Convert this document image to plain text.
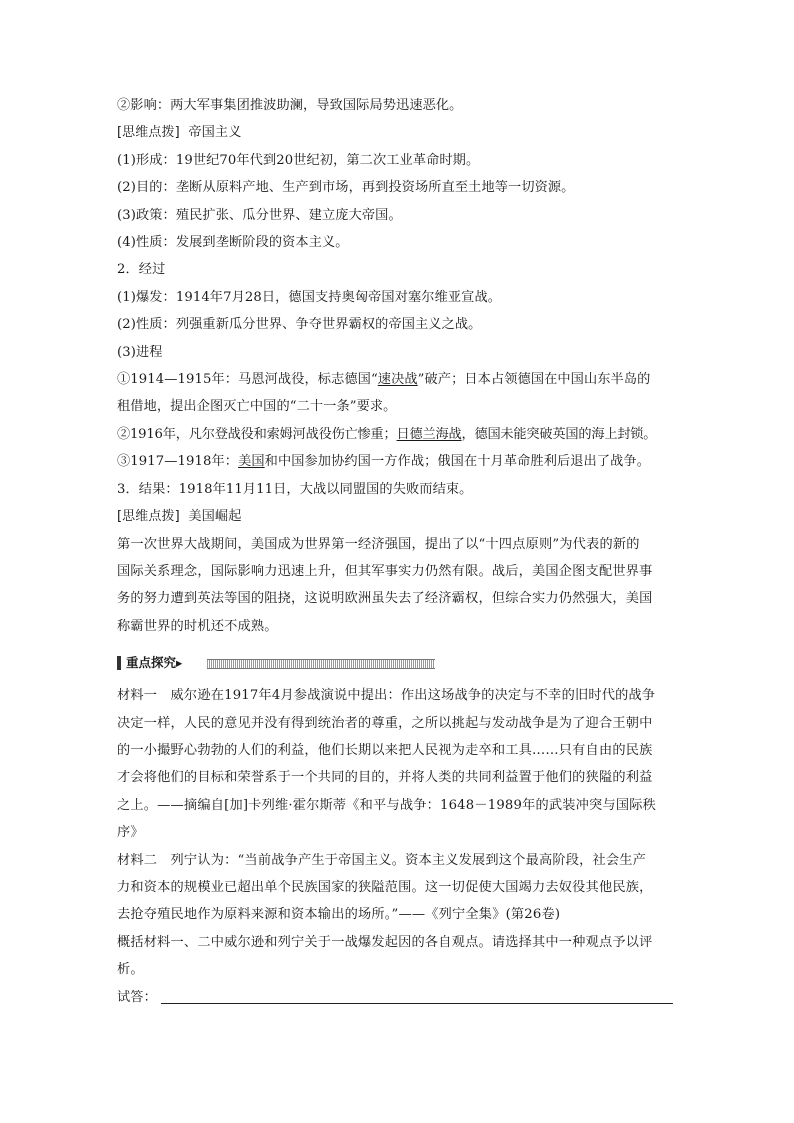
②影响：两大军事集团推波助澜，导致国际局势迅速恶化。

[思维点拨] 帝国主义

(1)形成：19世纪70年代到20世纪初，第二次工业革命时期。

(2)目的：垄断从原料产地、生产到市场，再到投资场所直至土地等一切资源。

(3)政策：殖民扩张、瓜分世界、建立庞大帝国。

(4)性质：发展到垄断阶段的资本主义。

2．经过

(1)爆发：1914年7月28日，德国支持奥匈帝国对塞尔维亚宣战。

(2)性质：列强重新瓜分世界、争夺世界霸权的帝国主义之战。

(3)进程

①1914—1915年：马恩河战役，标志德国“速决战”破产；日本占领德国在中国山东半岛的

租借地，提出企图灭亡中国的“二十一条”要求。

②1916年，凡尔登战役和索姆河战役伤亡惨重；日德兰海战，德国未能突破英国的海上封锁。

③1917—1918年：美国和中国参加协约国一方作战；俄国在十月革命胜利后退出了战争。

3．结果：1918年11月11日，大战以同盟国的失败而结束。

[思维点拨] 美国崛起

第一次世界大战期间，美国成为世界第一经济强国，提出了以“十四点原则”为代表的新的

国际关系理念，国际影响力迅速上升，但其军事实力仍然有限。战后，美国企图支配世界事

务的努力遭到英法等国的阻挠，这说明欧洲虽失去了经济霸权，但综合实力仍然强大，美国

称霸世界的时机还不成熟。

重点探究▸

材料一　威尔逊在1917年4月参战演说中提出：作出这场战争的决定与不幸的旧时代的战争

决定一样，人民的意见并没有得到统治者的尊重，之所以挑起与发动战争是为了迎合王朝中

的一小撮野心勃勃的人们的利益，他们长期以来把人民视为走卒和工具……只有自由的民族

才会将他们的目标和荣誉系于一个共同的目的，并将人类的共同利益置于他们的狭隘的利益

之上。——摘编自[加]卡列维·霍尔斯蒂《和平与战争：1648－1989年的武装冲突与国际秩

序》

材料二　列宁认为：“当前战争产生于帝国主义。资本主义发展到这个最高阶段，社会生产

力和资本的规模业已超出单个民族国家的狭隘范围。这一切促使大国竭力去奴役其他民族，

去抢夺殖民地作为原料来源和资本输出的场所。”——《列宁全集》(第26卷)

概括材料一、二中威尔逊和列宁关于一战爆发起因的各自观点。请选择其中一种观点予以评

析。

试答：
